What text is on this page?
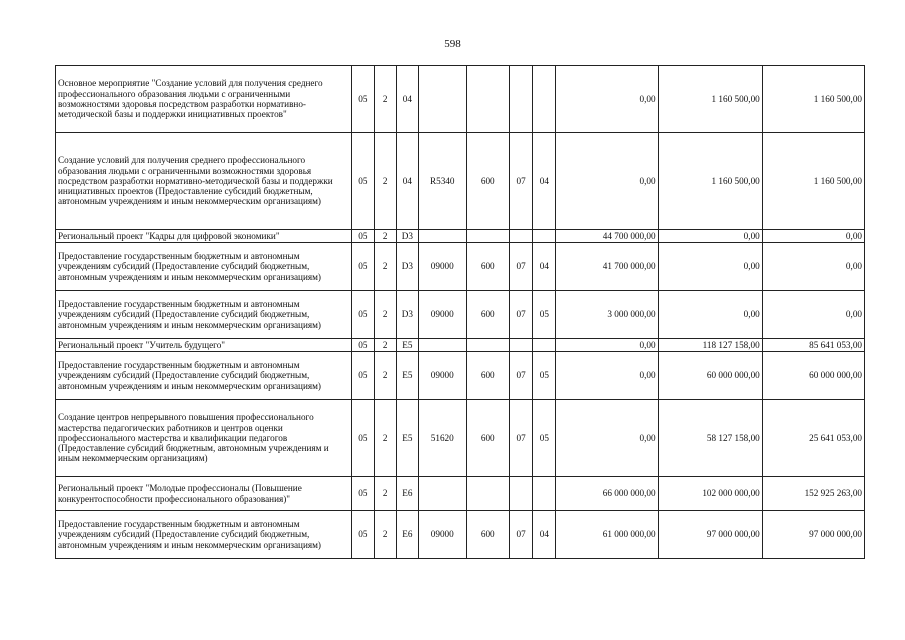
598
Основное мероприятие "Создание условий для получения среднего профессионального образования людьми с ограниченными возможностями здоровья посредством разработки нормативно-методической базы и поддержки инициативных проектов"	05	2	04					0,00	1 160 500,00	1 160 500,00
Создание условий для получения среднего профессионального образования людьми с ограниченными возможностями здоровья посредством разработки нормативно-методической базы и поддержки инициативных проектов (Предоставление субсидий бюджетным, автономным учреждениям и иным некоммерческим организациям)	05	2	04	R5340	600	07	04	0,00	1 160 500,00	1 160 500,00
Региональный проект "Кадры для цифровой экономики"	05	2	D3					44 700 000,00	0,00	0,00
Предоставление государственным бюджетным и автономным учреждениям субсидий (Предоставление субсидий бюджетным, автономным учреждениям и иным некоммерческим организациям)	05	2	D3	09000	600	07	04	41 700 000,00	0,00	0,00
Предоставление государственным бюджетным и автономным учреждениям субсидий (Предоставление субсидий бюджетным, автономным учреждениям и иным некоммерческим организациям)	05	2	D3	09000	600	07	05	3 000 000,00	0,00	0,00
Региональный проект "Учитель будущего"	05	2	E5					0,00	118 127 158,00	85 641 053,00
Предоставление государственным бюджетным и автономным учреждениям субсидий (Предоставление субсидий бюджетным, автономным учреждениям и иным некоммерческим организациям)	05	2	E5	09000	600	07	05	0,00	60 000 000,00	60 000 000,00
Создание центров непрерывного повышения профессионального мастерства педагогических работников и центров оценки профессионального мастерства и квалификации педагогов (Предоставление субсидий бюджетным, автономным учреждениям и иным некоммерческим организациям)	05	2	E5	51620	600	07	05	0,00	58 127 158,00	25 641 053,00
Региональный проект "Молодые профессионалы (Повышение конкурентоспособности профессионального образования)"	05	2	E6					66 000 000,00	102 000 000,00	152 925 263,00
Предоставление государственным бюджетным и автономным учреждениям субсидий (Предоставление субсидий бюджетным, автономным учреждениям и иным некоммерческим организациям)	05	2	E6	09000	600	07	04	61 000 000,00	97 000 000,00	97 000 000,00
